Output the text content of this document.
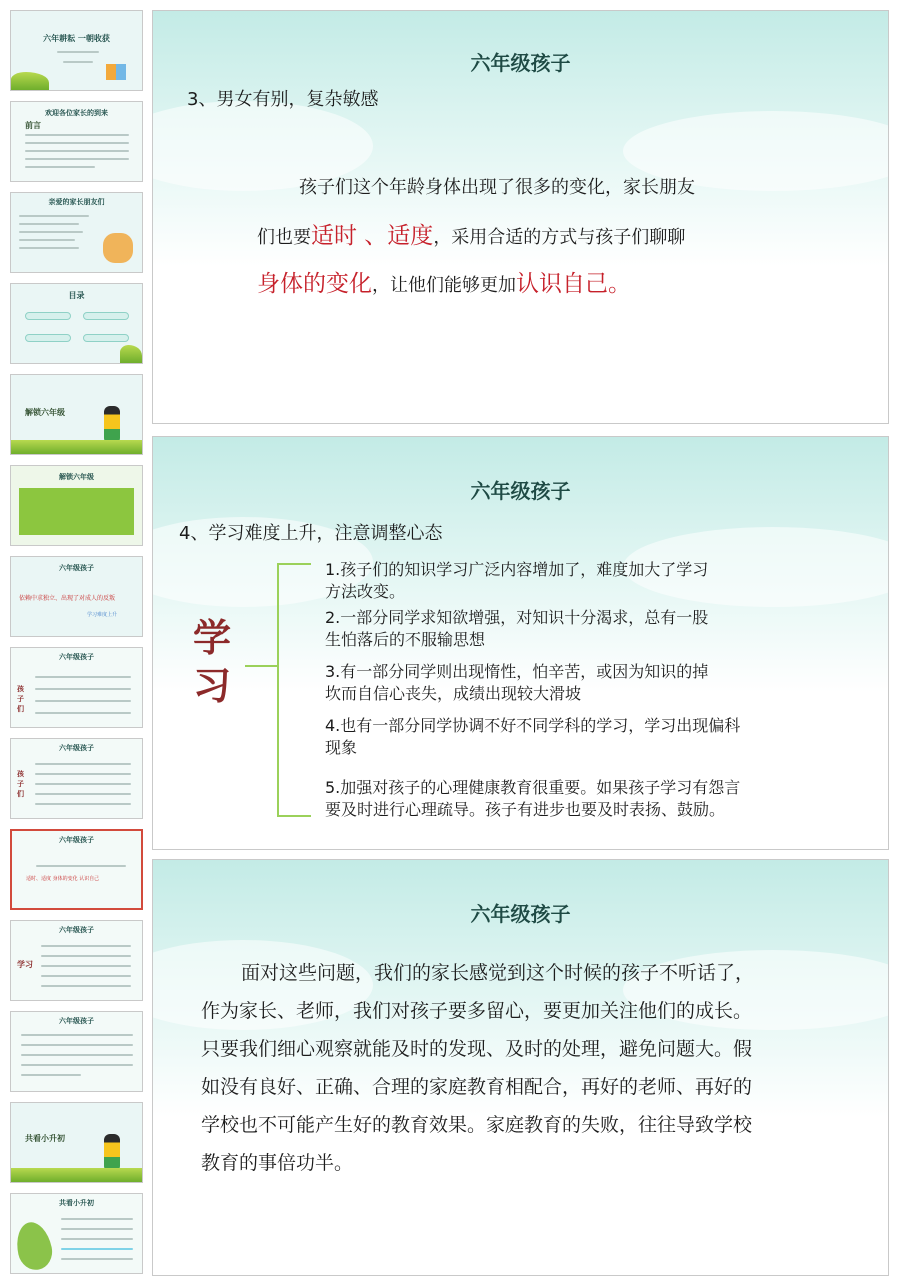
六年耕耘 一朝收获
欢迎各位家长的到来
前言
亲爱的家长朋友们
目录
解锁六年级
解锁六年级
六年级孩子
依赖中求独立、出现了对成人的反叛
学习难度上升
六年级孩子
孩子们
六年级孩子
孩子们
六年级孩子
适时、适度 身体的变化 认识自己
六年级孩子
学习
六年级孩子
共看小升初
共看小升初
六年级孩子
3、男女有别，复杂敏感
孩子们这个年龄身体出现了很多的变化，家长朋友
们也要适时 、适度，采用合适的方式与孩子们聊聊
身体的变化，让他们能够更加认识自己。
六年级孩子
4、学习难度上升，注意调整心态
学
习
1.孩子们的知识学习广泛内容增加了，难度加大了学习
方法改变。
2.一部分同学求知欲增强，对知识十分渴求，总有一股
生怕落后的不服输思想
3.有一部分同学则出现惰性，怕辛苦，或因为知识的掉
坎而自信心丧失，成绩出现较大滑坡
4.也有一部分同学协调不好不同学科的学习，学习出现偏科
现象
5.加强对孩子的心理健康教育很重要。如果孩子学习有怨言
要及时进行心理疏导。孩子有进步也要及时表扬、鼓励。
六年级孩子
面对这些问题，我们的家长感觉到这个时候的孩子不听话了，
作为家长、老师，我们对孩子要多留心，要更加关注他们的成长。
只要我们细心观察就能及时的发现、及时的处理，避免问题大。假
如没有良好、正确、合理的家庭教育相配合，再好的老师、再好的
学校也不可能产生好的教育效果。家庭教育的失败，往往导致学校
教育的事倍功半。
